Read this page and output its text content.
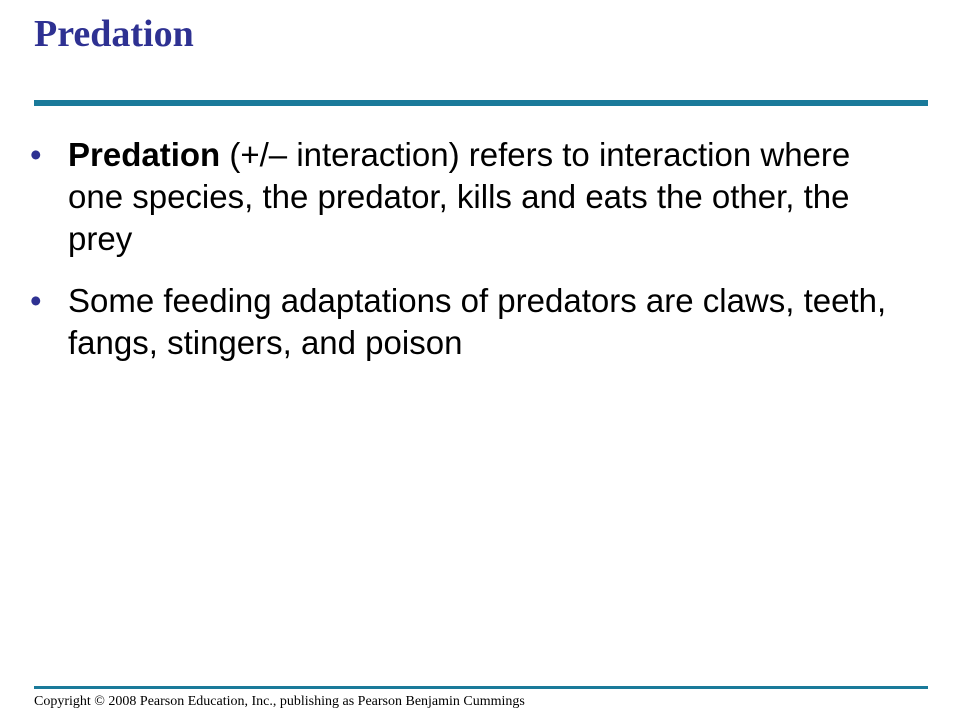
Predation
• Predation (+/– interaction) refers to interaction where one species, the predator, kills and eats the other, the prey
• Some feeding adaptations of predators are claws, teeth, fangs, stingers, and poison
Copyright © 2008 Pearson Education, Inc., publishing as Pearson Benjamin Cummings
